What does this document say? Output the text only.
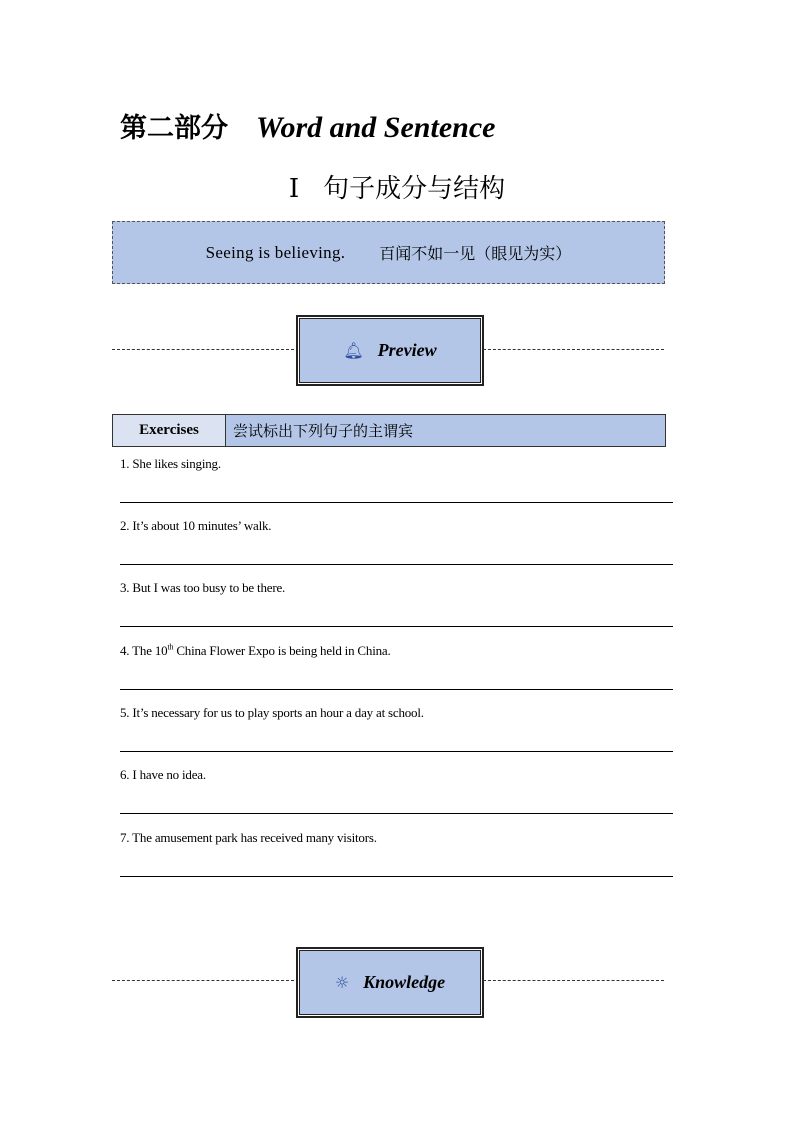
第二部分 Word and Sentence
I 句子成分与结构
Seeing is believing. 百闻不如一见（眼见为实）
🔔︎ Preview
Exercises	尝试标出下列句子的主谓宾
1. She likes singing.
2. It’s about 10 minutes’ walk.
3. But I was too busy to be there.
4. The 10th China Flower Expo is being held in China.
5. It’s necessary for us to play sports an hour a day at school.
6. I have no idea.
7. The amusement park has received many visitors.
☼ Knowledge
